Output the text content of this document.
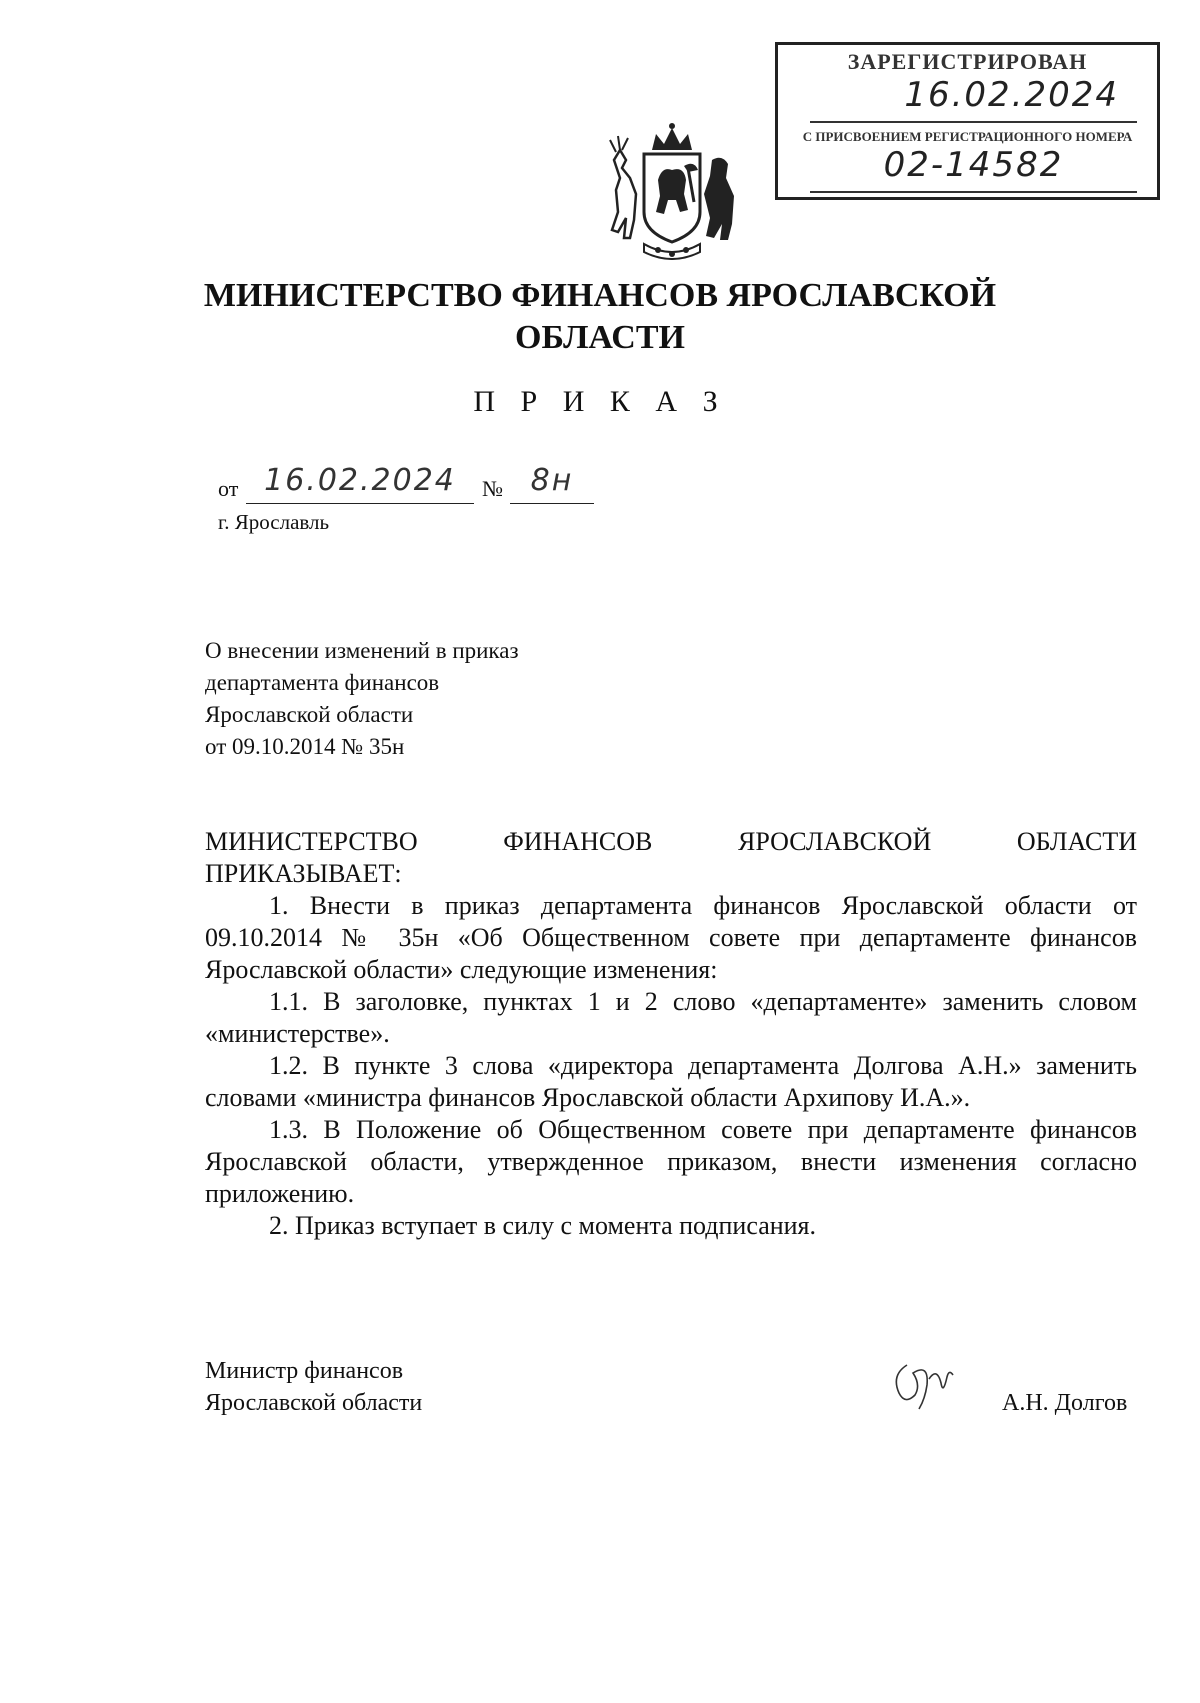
ЗАРЕГИСТРИРОВАН
16.02.2024
С ПРИСВОЕНИЕМ РЕГИСТРАЦИОННОГО НОМЕРА
02-14582
МИНИСТЕРСТВО ФИНАНСОВ ЯРОСЛАВСКОЙ
ОБЛАСТИ
П Р И К А З
от 16.02.2024	№ 8н
г. Ярославль
О внесении изменений в приказ
департамента финансов
Ярославской области
от 09.10.2014 № 35н

МИНИСТЕРСТВО ФИНАНСОВ ЯРОСЛАВСКОЙ ОБЛАСТИ

ПРИКАЗЫВАЕТ:

1. Внести в приказ департамента финансов Ярославской области от 09.10.2014 № 35н «Об Общественном совете при департаменте финансов Ярославской области» следующие изменения:

1.1. В заголовке, пунктах 1 и 2 слово «департаменте» заменить словом «министерстве».

1.2. В пункте 3 слова «директора департамента Долгова А.Н.» заменить словами «министра финансов Ярославской области Архипову И.А.».

1.3. В Положение об Общественном совете при департаменте финансов Ярославской области, утвержденное приказом, внести изменения согласно приложению.

2. Приказ вступает в силу с момента подписания.

Министр финансов
Ярославской области	А.Н. Долгов
